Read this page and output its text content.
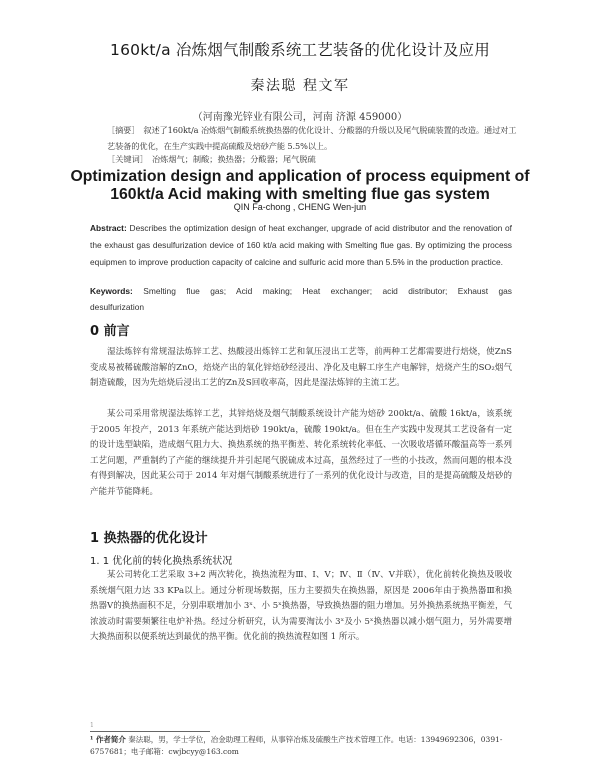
160kt/a 冶炼烟气制酸系统工艺装备的优化设计及应用
秦法聪 程文军
（河南豫光锌业有限公司，河南 济源 459000）
［摘要］ 叙述了160kt/a 冶炼烟气制酸系统换热器的优化设计、分酸器的升级以及尾气脱硫装置的改造。通过对工艺装备的优化，在生产实践中提高硫酸及焙砂产能 5.5%以上。
［关键词］ 冶炼烟气；制酸；换热器；分酸器；尾气脱硫
Optimization design and application of process equipment of 160kt/a Acid making with smelting flue gas system
QIN Fa-chong , CHENG Wen-jun
Abstract: Describes the optimization design of heat exchanger, upgrade of acid distributor and the renovation of the exhaust gas desulfurization device of 160 kt/a acid making with Smelting flue gas. By optimizing the process equipmen to improve production capacity of calcine and sulfuric acid more than 5.5% in the production practice.
Keywords: Smelting flue gas; Acid making; Heat exchanger; acid distributor; Exhaust gas desulfurization
0 前言
湿法炼锌有常规湿法炼锌工艺、热酸浸出炼锌工艺和氧压浸出工艺等，前两种工艺都需要进行焙烧，使ZnS变成易被稀硫酸溶解的ZnO，焙烧产出的氧化锌焙砂经浸出、净化及电解工序生产电解锌，焙烧产生的SO₂烟气制造硫酸，因为先焙烧后浸出工艺的Zn及S回收率高，因此是湿法炼锌的主流工艺。
某公司采用常规湿法炼锌工艺，其锌焙烧及烟气制酸系统设计产能为焙砂 200kt/a、硫酸 16kt/a，该系统于2005 年投产，2013 年系统产能达到焙砂 190kt/a，硫酸 190kt/a。但在生产实践中发现其工艺设备有一定的设计选型缺陷，造成烟气阻力大、换热系统的热平衡差、转化系统转化率低、一次吸收塔循环酸温高等一系列工艺问题，严重制约了产能的继续提升并引起尾气脱硫成本过高，虽然经过了一些的小技改，然而问题的根本没有得到解决，因此某公司于 2014 年对烟气制酸系统进行了一系列的优化设计与改造，目的是提高硫酸及焙砂的产能并节能降耗。
1 换热器的优化设计
1. 1 优化前的转化换热系统状况
某公司转化工艺采取 3+2 两次转化，换热流程为Ⅲ、Ⅰ、Ⅴ；Ⅳ、Ⅱ（Ⅳ、Ⅴ并联），优化前转化换热及吸收系统烟气阻力达 33 KPa以上。通过分析现场数据，压力主要损失在换热器，原因是 2006年由于换热器Ⅲ和换热器Ⅴ的换热面积不足，分别串联增加小 3ˣ、小 5ˣ换热器，导致换热器的阻力增加。另外换热系统热平衡差，气浓波动时需要频繁往电炉补热。经过分析研究，认为需要淘汰小 3ˣ及小 5ˣ换热器以减小烟气阻力，另外需要增大换热面积以便系统达到最优的热平衡。优化前的换热流程如图 1 所示。
1
¹ 作者简介 秦法聪，男，学士学位，冶金助理工程师，从事锌冶炼及硫酸生产技术管理工作。电话：13949692306，0391-6757681；电子邮箱：cwjbcyy@163.com
